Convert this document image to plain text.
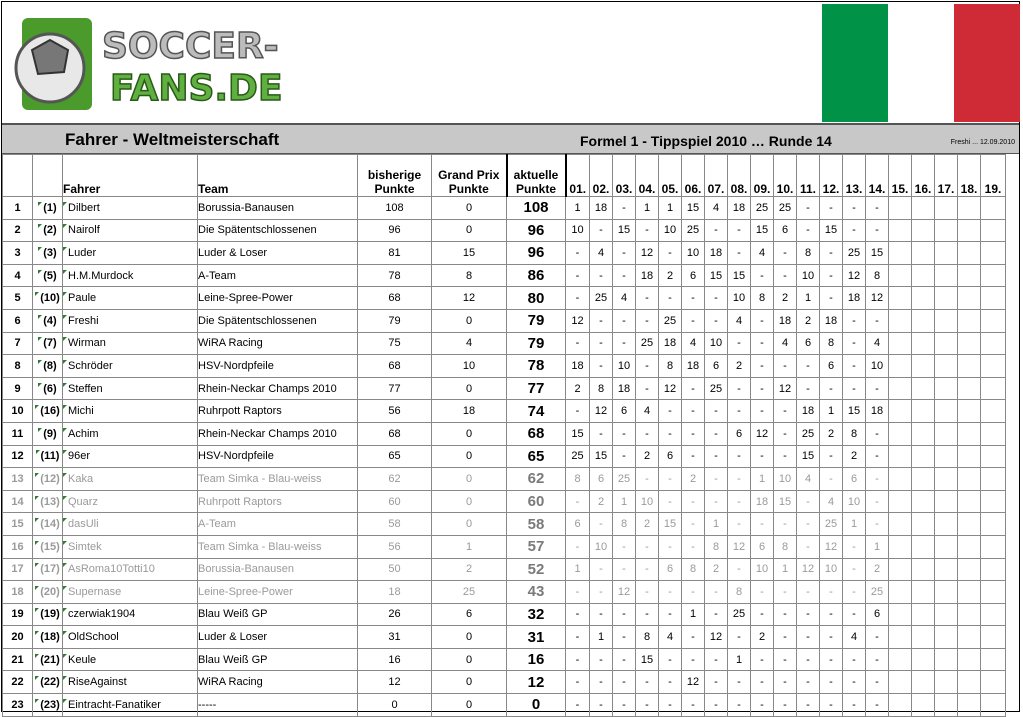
SOCCER-
FANS.DE
Fahrer - Weltmeisterschaft	Formel 1 - Tippspiel 2010 … Runde 14	Freshi ... 12.09.2010
		Fahrer	Team	bisherige Punkte	Grand Prix Punkte	aktuelle Punkte	01.	02.	03.	04.	05.	06.	07.	08.	09.	10.	11.	12.	13.	14.	15.	16.	17.	18.	19.
1	(1)	Dilbert	Borussia-Banausen	108	0	108	1	18	-	1	1	15	4	18	25	25	-	-	-	-					
2	(2)	Nairolf	Die Spätentschlossenen	96	0	96	10	-	15	-	10	25	-	-	15	6	-	15	-	-					
3	(3)	Luder	Luder & Loser	81	15	96	-	4	-	12	-	10	18	-	4	-	8	-	25	15					
4	(5)	H.M.Murdock	A-Team	78	8	86	-	-	-	18	2	6	15	15	-	-	10	-	12	8					
5	(10)	Paule	Leine-Spree-Power	68	12	80	-	25	4	-	-	-	-	10	8	2	1	-	18	12					
6	(4)	Freshi	Die Spätentschlossenen	79	0	79	12	-	-	-	25	-	-	4	-	18	2	18	-	-					
7	(7)	Wirman	WiRA Racing	75	4	79	-	-	-	25	18	4	10	-	-	4	6	8	-	4					
8	(8)	Schröder	HSV-Nordpfeile	68	10	78	18	-	10	-	8	18	6	2	-	-	-	6	-	10					
9	(6)	Steffen	Rhein-Neckar Champs 2010	77	0	77	2	8	18	-	12	-	25	-	-	12	-	-	-	-					
10	(16)	Michi	Ruhrpott Raptors	56	18	74	-	12	6	4	-	-	-	-	-	-	18	1	15	18					
11	(9)	Achim	Rhein-Neckar Champs 2010	68	0	68	15	-	-	-	-	-	-	6	12	-	25	2	8	-					
12	(11)	96er	HSV-Nordpfeile	65	0	65	25	15	-	2	6	-	-	-	-	-	15	-	2	-					
13	(12)	Kaka	Team Simka - Blau-weiss	62	0	62	8	6	25	-	-	2	-	-	1	10	4	-	6	-					
14	(13)	Quarz	Ruhrpott Raptors	60	0	60	-	2	1	10	-	-	-	-	18	15	-	4	10	-					
15	(14)	dasUli	A-Team	58	0	58	6	-	8	2	15	-	1	-	-	-	-	25	1	-					
16	(15)	Simtek	Team Simka - Blau-weiss	56	1	57	-	10	-	-	-	-	8	12	6	8	-	12	-	1					
17	(17)	AsRoma10Totti10	Borussia-Banausen	50	2	52	1	-	-	-	6	8	2	-	10	1	12	10	-	2					
18	(20)	Supernase	Leine-Spree-Power	18	25	43	-	-	12	-	-	-	-	8	-	-	-	-	-	25					
19	(19)	czerwiak1904	Blau Weiß GP	26	6	32	-	-	-	-	-	1	-	25	-	-	-	-	-	6					
20	(18)	OldSchool	Luder & Loser	31	0	31	-	1	-	8	4	-	12	-	2	-	-	-	4	-					
21	(21)	Keule	Blau Weiß GP	16	0	16	-	-	-	15	-	-	-	1	-	-	-	-	-	-					
22	(22)	RiseAgainst	WiRA Racing	12	0	12	-	-	-	-	-	12	-	-	-	-	-	-	-	-					
23	(23)	Eintracht-Fanatiker	-----	0	0	0	-	-	-	-	-	-	-	-	-	-	-	-	-	-					
